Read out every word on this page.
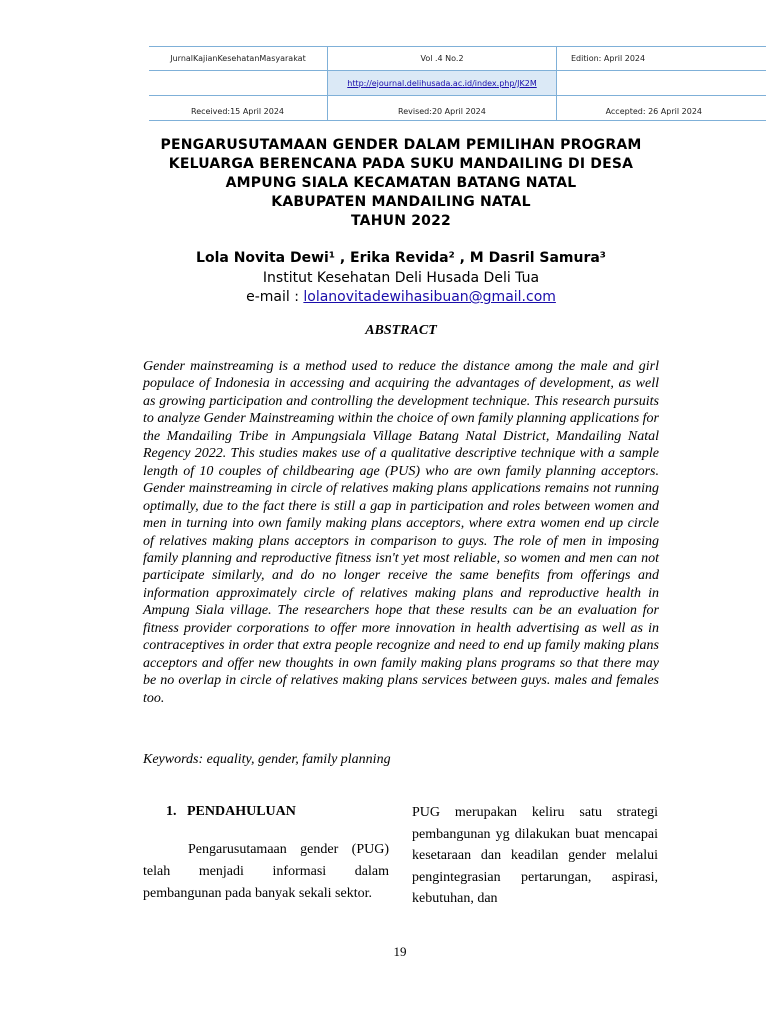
JurnalKajianKesehatanMasyarakat	Vol .4 No.2	Edition: April 2024
http://ejournal.delihusada.ac.id/index.php/JK2M
Received:15 April 2024	Revised:20 April 2024	Accepted: 26 April 2024
PENGARUSUTAMAAN GENDER DALAM PEMILIHAN PROGRAM
KELUARGA BERENCANA PADA SUKU MANDAILING DI DESA
AMPUNG SIALA KECAMATAN BATANG NATAL
KABUPATEN MANDAILING NATAL
TAHUN 2022
Lola Novita Dewi¹ , Erika Revida² , M Dasril Samura³
Institut Kesehatan Deli Husada Deli Tua
e-mail : lolanovitadewihasibuan@gmail.com
ABSTRACT
Gender mainstreaming is a method used to reduce the distance among the male and girl populace of Indonesia in accessing and acquiring the advantages of development, as well as growing participation and controlling the development technique. This research pursuits to analyze Gender Mainstreaming within the choice of own family planning applications for the Mandailing Tribe in Ampungsiala Village Batang Natal District, Mandailing Natal Regency 2022. This studies makes use of a qualitative descriptive technique with a sample length of 10 couples of childbearing age (PUS) who are own family planning acceptors. Gender mainstreaming in circle of relatives making plans applications remains not running optimally, due to the fact there is still a gap in participation and roles between women and men in turning into own family making plans acceptors, where extra women end up circle of relatives making plans acceptors in comparison to guys. The role of men in imposing family planning and reproductive fitness isn't yet most reliable, so women and men can not participate similarly, and do no longer receive the same benefits from offerings and information approximately circle of relatives making plans and reproductive health in Ampung Siala village. The researchers hope that these results can be an evaluation for fitness provider corporations to offer more innovation in health advertising as well as in contraceptives in order that extra people recognize and need to end up family making plans acceptors and offer new thoughts in own family making plans programs so that there may be no overlap in circle of relatives making plans services between guys. males and females too.
Keywords: equality, gender, family planning
1.   PENDAHULUAN
Pengarusutamaan gender (PUG) telah menjadi informasi dalam pembangunan pada banyak sekali sektor.
PUG merupakan keliru satu strategi pembangunan yg dilakukan buat mencapai kesetaraan dan keadilan gender melalui pengintegrasian pertarungan, aspirasi, kebutuhan, dan
19
